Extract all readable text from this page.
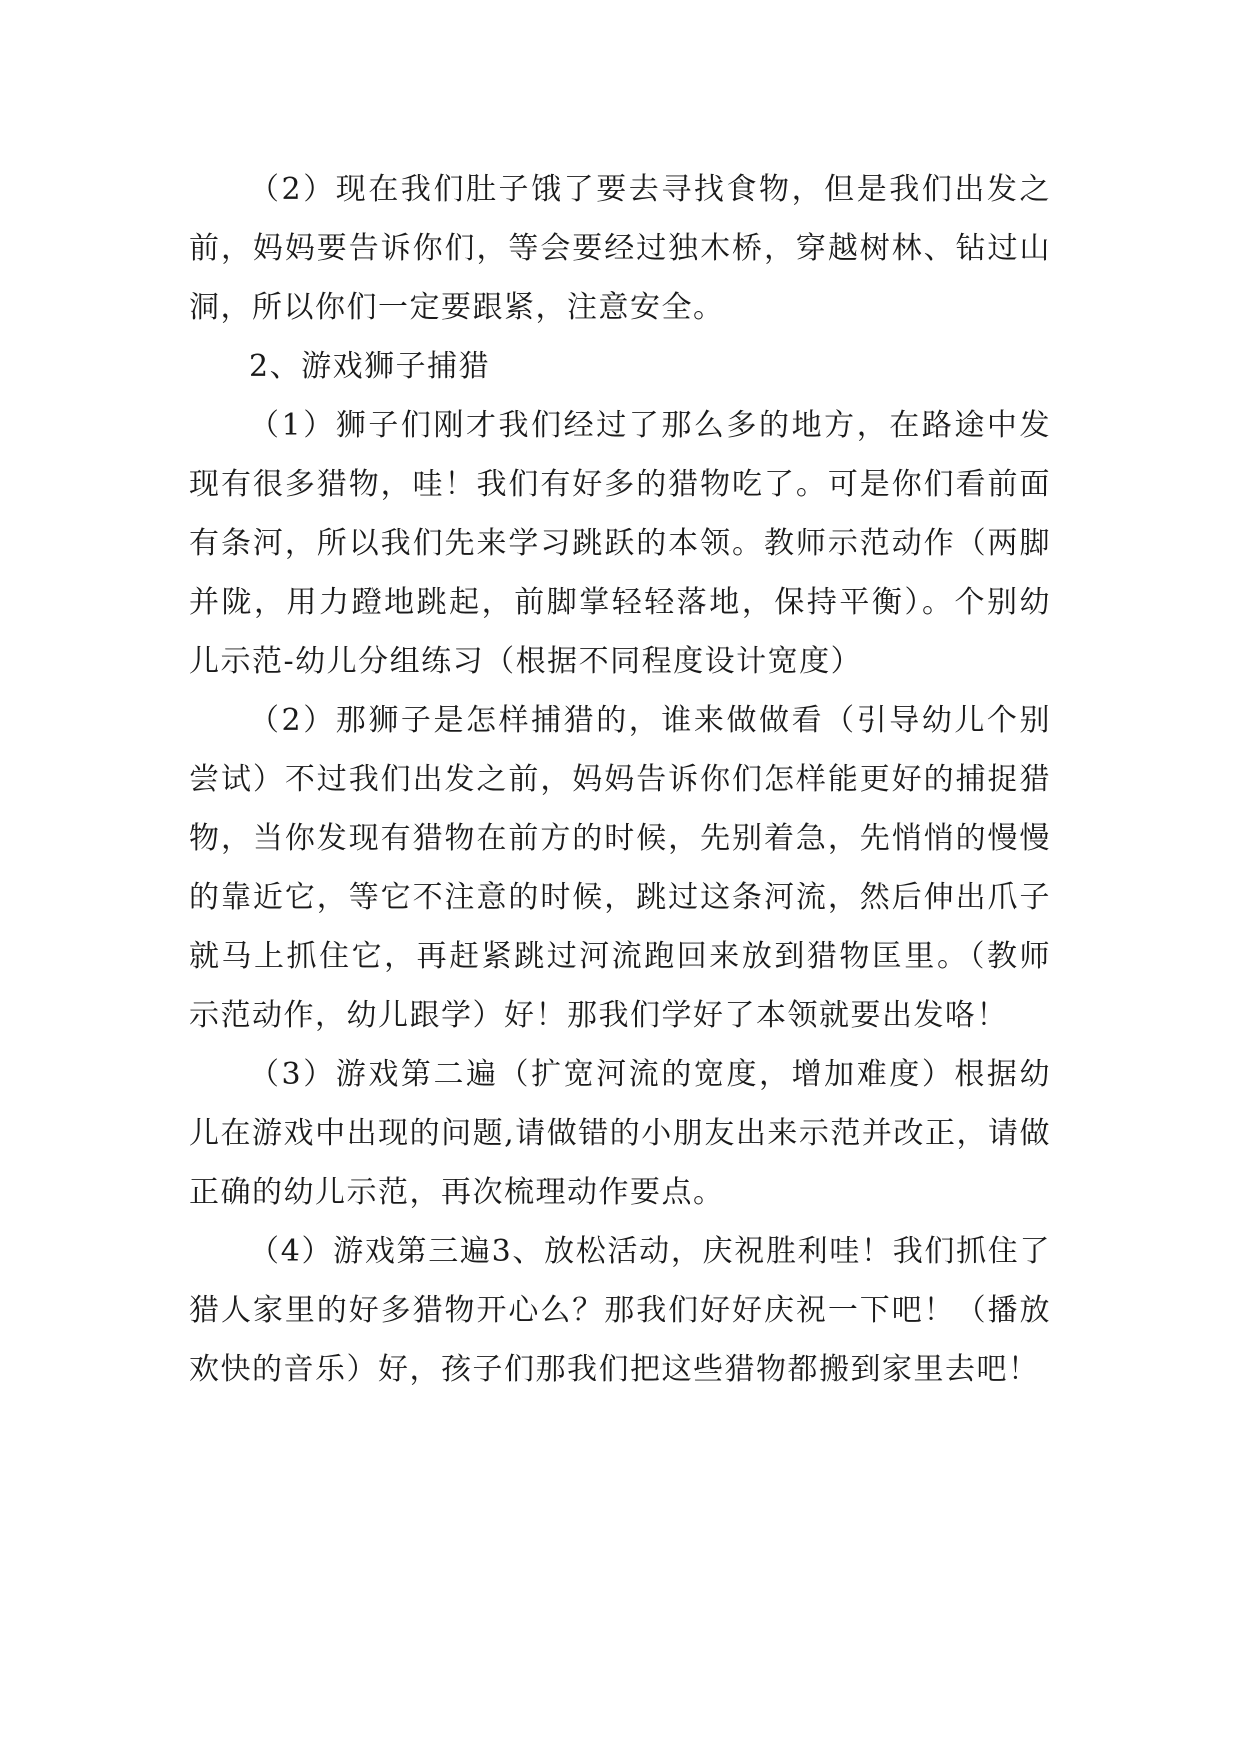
（2）现在我们肚子饿了要去寻找食物，但是我们出发之前，妈妈要告诉你们，等会要经过独木桥，穿越树林、钻过山洞，所以你们一定要跟紧，注意安全。

2、游戏狮子捕猎

（1）狮子们刚才我们经过了那么多的地方，在路途中发现有很多猎物，哇！我们有好多的猎物吃了。可是你们看前面有条河，所以我们先来学习跳跃的本领。教师示范动作（两脚并陇，用力蹬地跳起，前脚掌轻轻落地，保持平衡）。个别幼儿示范-幼儿分组练习（根据不同程度设计宽度）

（2）那狮子是怎样捕猎的，谁来做做看（引导幼儿个别尝试）不过我们出发之前，妈妈告诉你们怎样能更好的捕捉猎物，当你发现有猎物在前方的时候，先别着急，先悄悄的慢慢的靠近它，等它不注意的时候，跳过这条河流，然后伸出爪子就马上抓住它，再赶紧跳过河流跑回来放到猎物匡里。（教师示范动作，幼儿跟学）好！那我们学好了本领就要出发咯！

（3）游戏第二遍（扩宽河流的宽度，增加难度）根据幼儿在游戏中出现的问题,请做错的小朋友出来示范并改正，请做正确的幼儿示范，再次梳理动作要点。

（4）游戏第三遍3、放松活动，庆祝胜利哇！我们抓住了猎人家里的好多猎物开心么？那我们好好庆祝一下吧！（播放欢快的音乐）好，孩子们那我们把这些猎物都搬到家里去吧！
